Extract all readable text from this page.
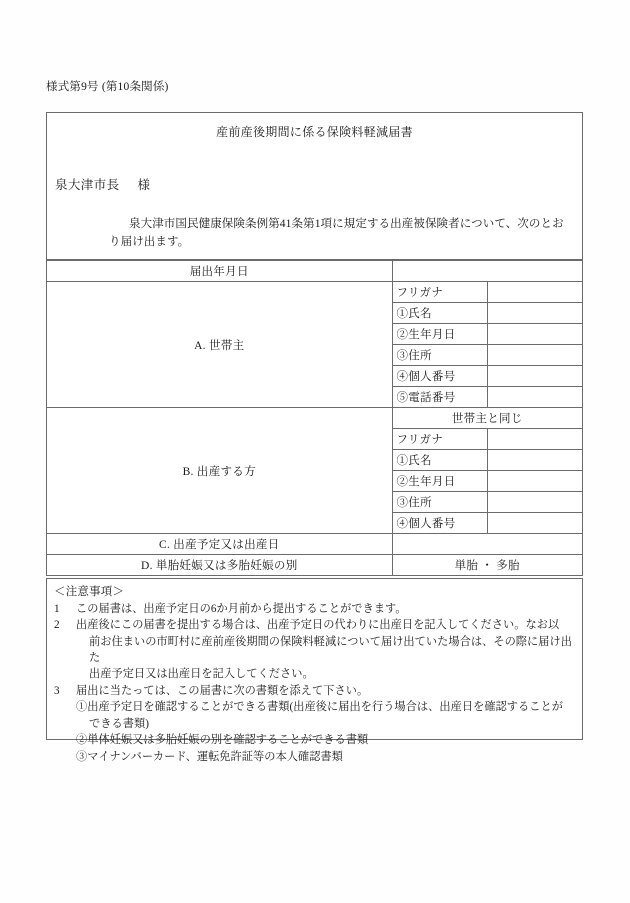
様式第9号 (第10条関係)
産前産後期間に係る保険料軽減届書
泉大津市長 様
泉大津市国民健康保険条例第41条第1項に規定する出産被保険者について、次のとおり届け出ます。
届出年月日		
A. 世帯主	フリガナ	
	①氏名	
	②生年月日	
	③住所	
	④個人番号	
	⑤電話番号	
B. 出産する方	世帯主と同じ	
	フリガナ	
	①氏名	
	②生年月日	
	③住所	
	④個人番号	
C. 出産予定又は出産日		
D. 単胎妊娠又は多胎妊娠の別	単胎 ・ 多胎	
＜注意事項＞
1	この届書は、出産予定日の6か月前から提出することができます。
2	出産後にこの届書を提出する場合は、出産予定日の代わりに出産日を記入してください。なお以
前お住まいの市町村に産前産後期間の保険料軽減について届け出ていた場合は、その際に届け出た
出産予定日又は出産日を記入してください。
3	届出に当たっては、この届書に次の書類を添えて下さい。
①出産予定日を確認することができる書類(出産後に届出を行う場合は、出産日を確認することが
できる書類)
②単体妊娠又は多胎妊娠の別を確認することができる書類
③マイナンバーカード、運転免許証等の本人確認書類
